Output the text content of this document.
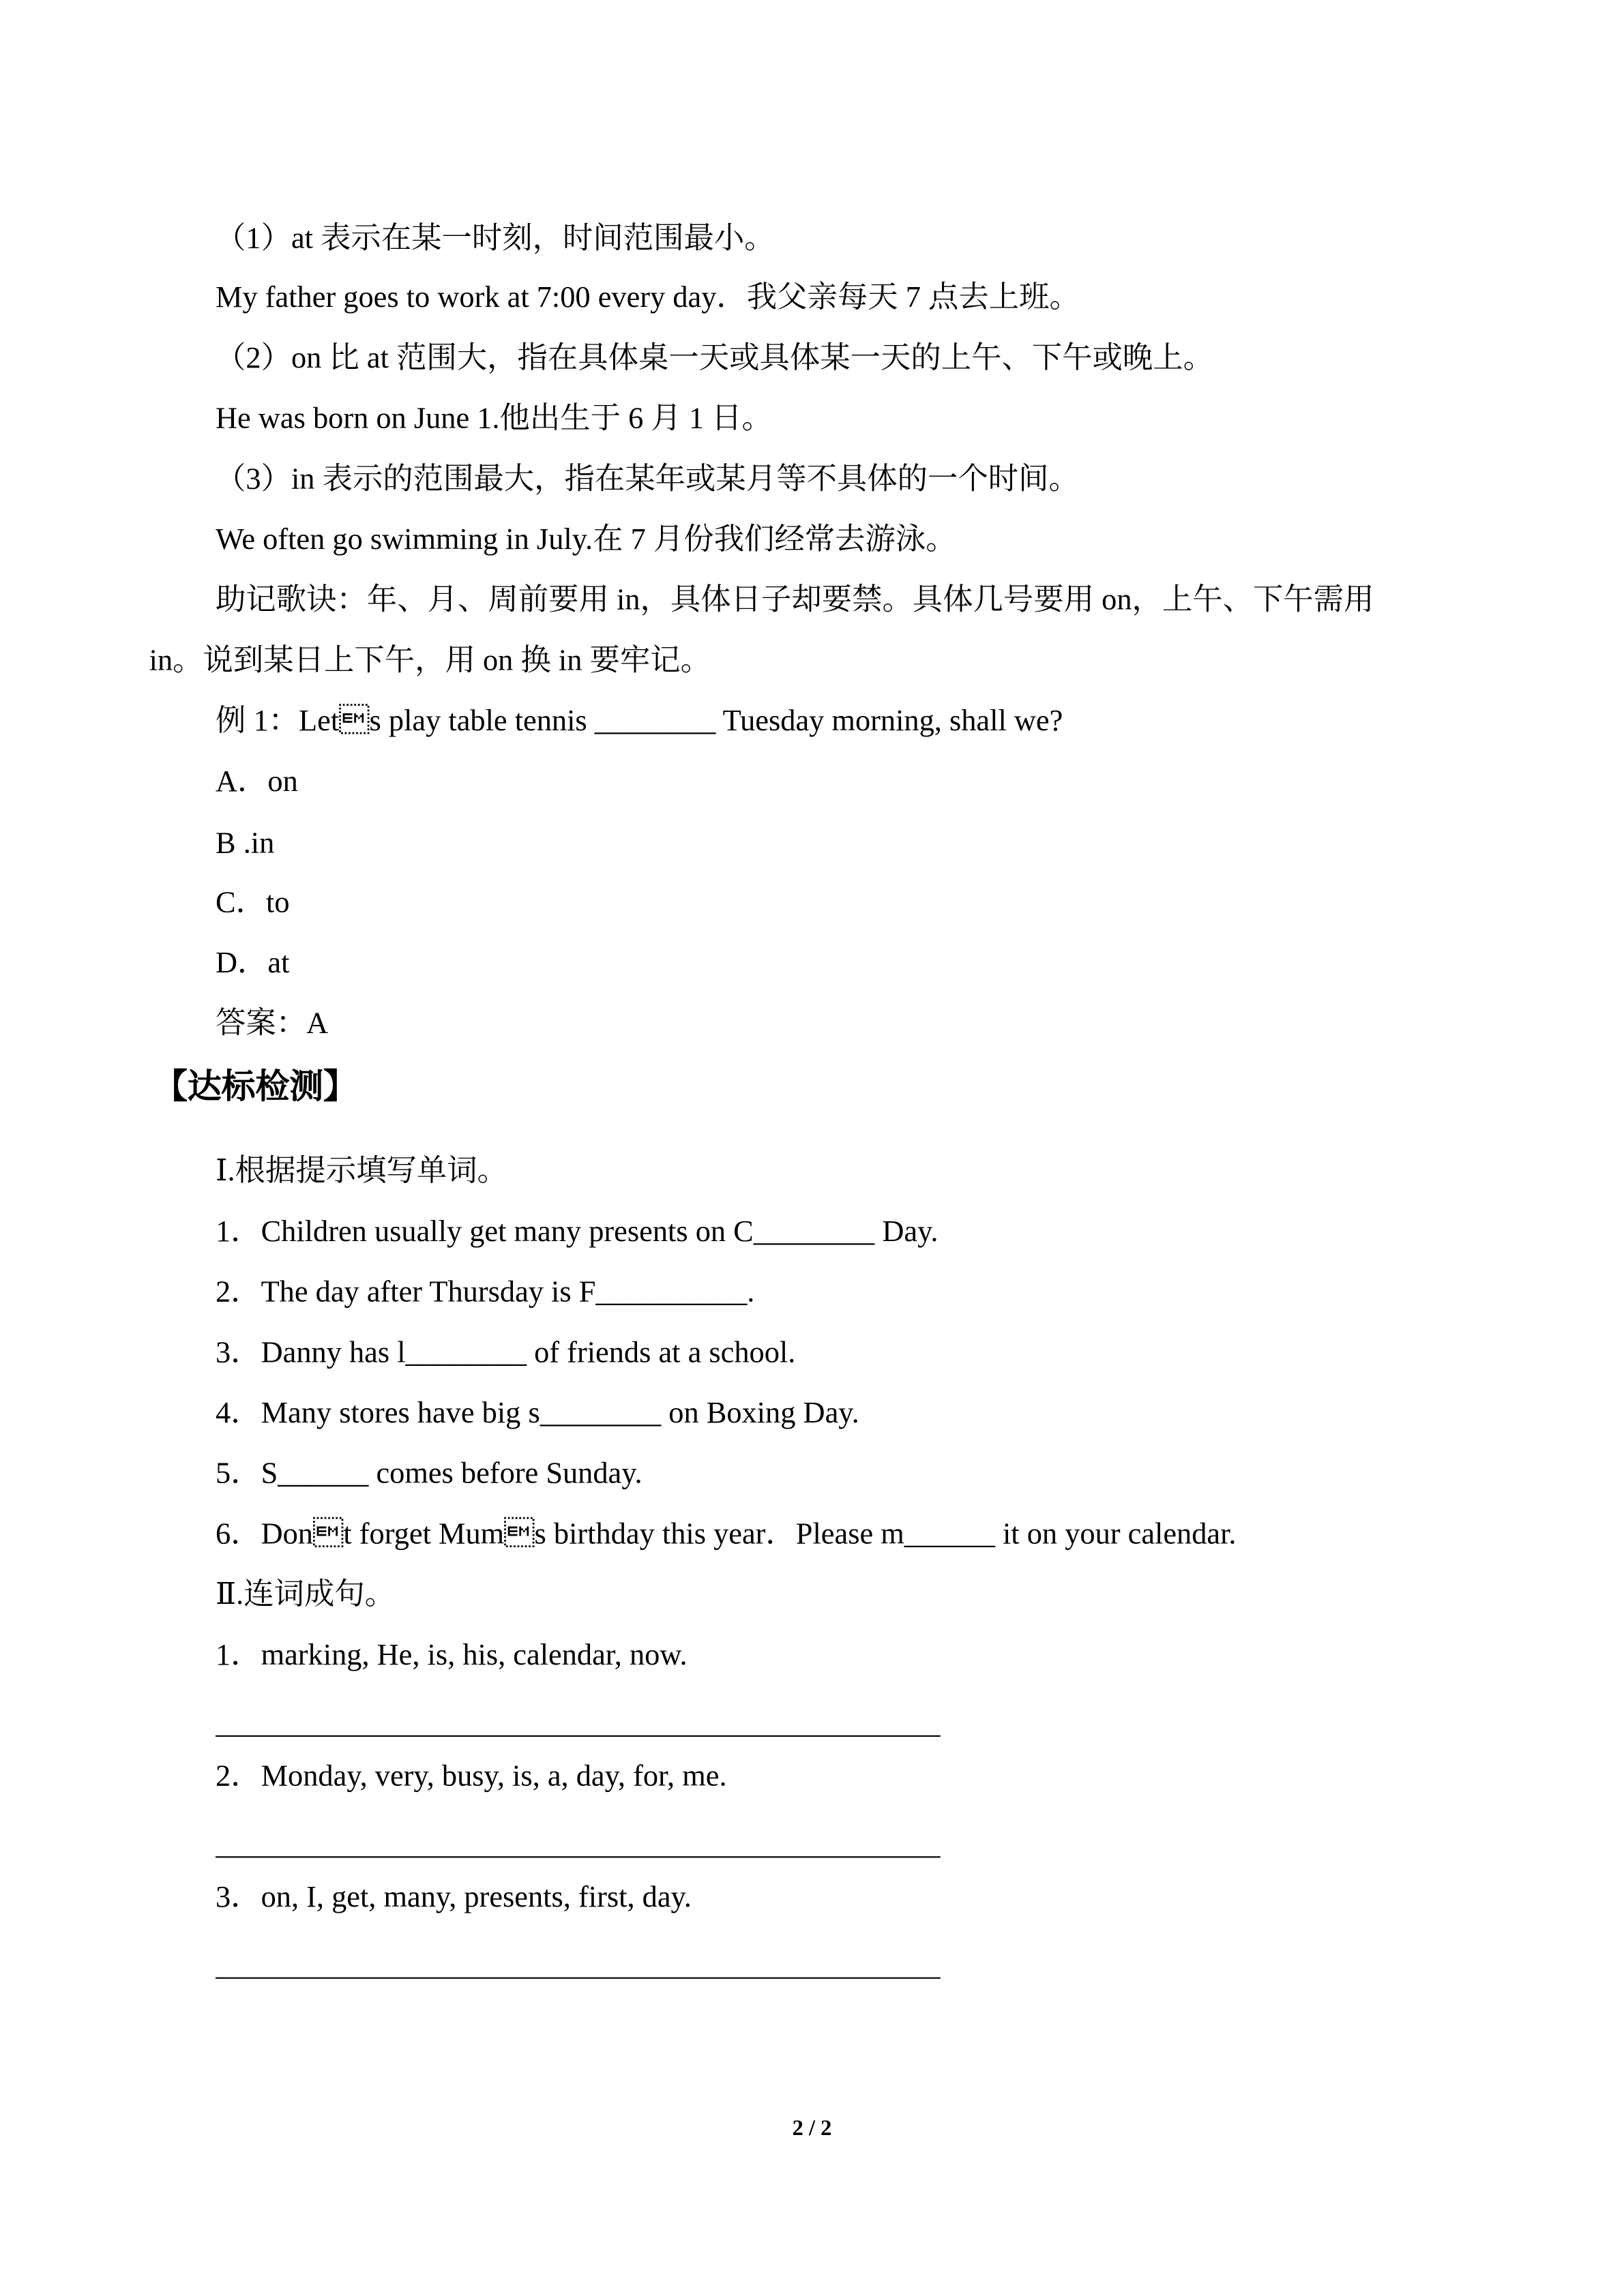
（1）at 表示在某一时刻，时间范围最小。
My father goes to work at 7:00 every day．我父亲每天 7 点去上班。
（2）on 比 at 范围大，指在具体桌一天或具体某一天的上午、下午或晚上。
He was born on June 1.他出生于 6 月 1 日。
（3）in 表示的范围最大，指在某年或某月等不具体的一个时间。
We often go swimming in July.在 7 月份我们经常去游泳。
助记歌诀：年、月、周前要用 in，具体日子却要禁。具体几号要用 on，上午、下午需用
in。说到某日上下午，用 on 换 in 要牢记。
例 1：Lets play table tennis ________ Tuesday morning, shall we?
A．on
B .in
C．to
D．at
答案：A
【达标检测】
Ⅰ.根据提示填写单词。
1．Children usually get many presents on C________ Day.
2．The day after Thursday is F__________.
3．Danny has l________ of friends at a school.
4．Many stores have big s________ on Boxing Day.
5．S______ comes before Sunday.
6．Dont forget Mums birthday this year．Please m______ it on your calendar.
Ⅱ.连词成句。
1．marking, He, is, his, calendar, now.
2．Monday, very, busy, is, a, day, for, me.
3．on, I, get, many, presents, first, day.
2 / 2
